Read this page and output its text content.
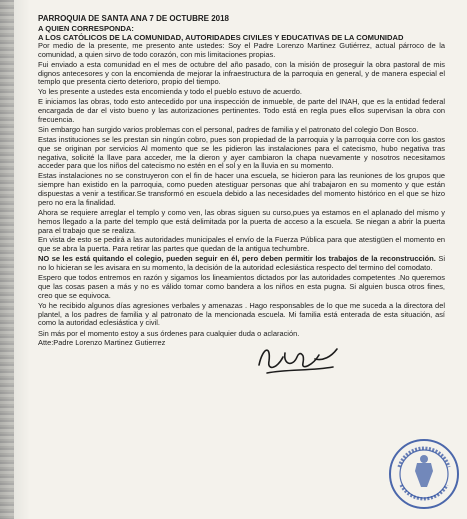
PARROQUIA DE SANTA ANA 7 DE OCTUBRE 2018
A QUIEN CORRESPONDA:
A LOS CATÓLICOS DE LA COMUNIDAD, AUTORIDADES CIVILES Y EDUCATIVAS DE LA COMUNIDAD

Por medio de la presente, me presento ante ustedes: Soy el Padre Lorenzo Martinez Gutiérrez, actual párroco de la comunidad, a quien sirvo de todo corazón, con mis limitaciones propias.

Fui enviado a esta comunidad en el mes de octubre del año pasado, con la misión de proseguir la obra pastoral de mis dignos antecesores y con la encomienda de mejorar la infraestructura de la parroquia en general, y de manera especial el templo que presenta cierto deterioro, propio del tiempo.

Yo les presente a ustedes esta encomienda y todo el pueblo estuvo de acuerdo.

E iniciamos las obras, todo esto antecedido por una inspección de inmueble, de parte del INAH, que es la entidad federal encargada de dar el visto bueno y las autorizaciones pertinentes. Todo está en regla pues ellos supervisan la obra con frecuencia.

Sin embargo han surgido varios problemas con el personal, padres de familia y el patronato del colegio Don Bosco.

Estas instituciones se les prestan sin ningún cobro, pues son propiedad de la parroquia y la parroquia corre con los gastos que se originan por servicios Al momento que se les pidieron las instalaciones para el catecismo, hubo negativa tras negativa, solicité la llave para acceder, me la dieron y ayer cambiaron la chapa nuevamente y nosotros necesitamos acceder para que los niños del catecismo no estén en el sol y en la lluvia en su momento.

Estas instalaciones no se construyeron con el fin de hacer una escuela, se hicieron para las reuniones de los grupos que siempre han existido en la parroquia, como pueden atestiguar personas que ahí trabajaron en su momento y que están dispuestas a venir a testificar.Se transformó en escuela debido a las necesidades del momento histórico en el que se hizo pero no era la finalidad.

Ahora se requiere arreglar el templo y como ven, las obras siguen su curso,pues ya estamos en el aplanado del mismo y hemos llegado a la parte del templo que está delimitada por la puerta de acceso a la escuela. Se niegan a abrir la puerta para el trabajo que se realiza.

En vista de esto se pedirá a las autoridades municipales el envío de la Fuerza Pública para que atestigüen el momento en que se abra la puerta. Para retirar las partes que quedan de la antigua techumbre.

NO se les está quitando el colegio, pueden seguir en él, pero deben permitir los trabajos de la reconstrucción. Si no lo hicieran se les avisara en su momento, la decisión de la autoridad eclesiástica respecto del termino del comodato.

Espero que todos entremos en razón y sigamos los lineamientos dictados por las autoridades competentes .No queremos que las cosas pasen a más y no es válido tomar como bandera a los niños en esta pugna. Si alguien busca otros fines, creo que se equivoca.

Yo he recibido algunos días agresiones verbales y amenazas . Hago responsables de lo que me suceda a la directora del plantel, a los padres de familia y al patronato de la mencionada escuela. Mi familia está enterada de esta situación, así como la autoridad eclesiástica y civil.

Sin más por el momento estoy a sus órdenes para cualquier duda o aclaración.
Atte:Padre Lorenzo Martinez Gutierrez
